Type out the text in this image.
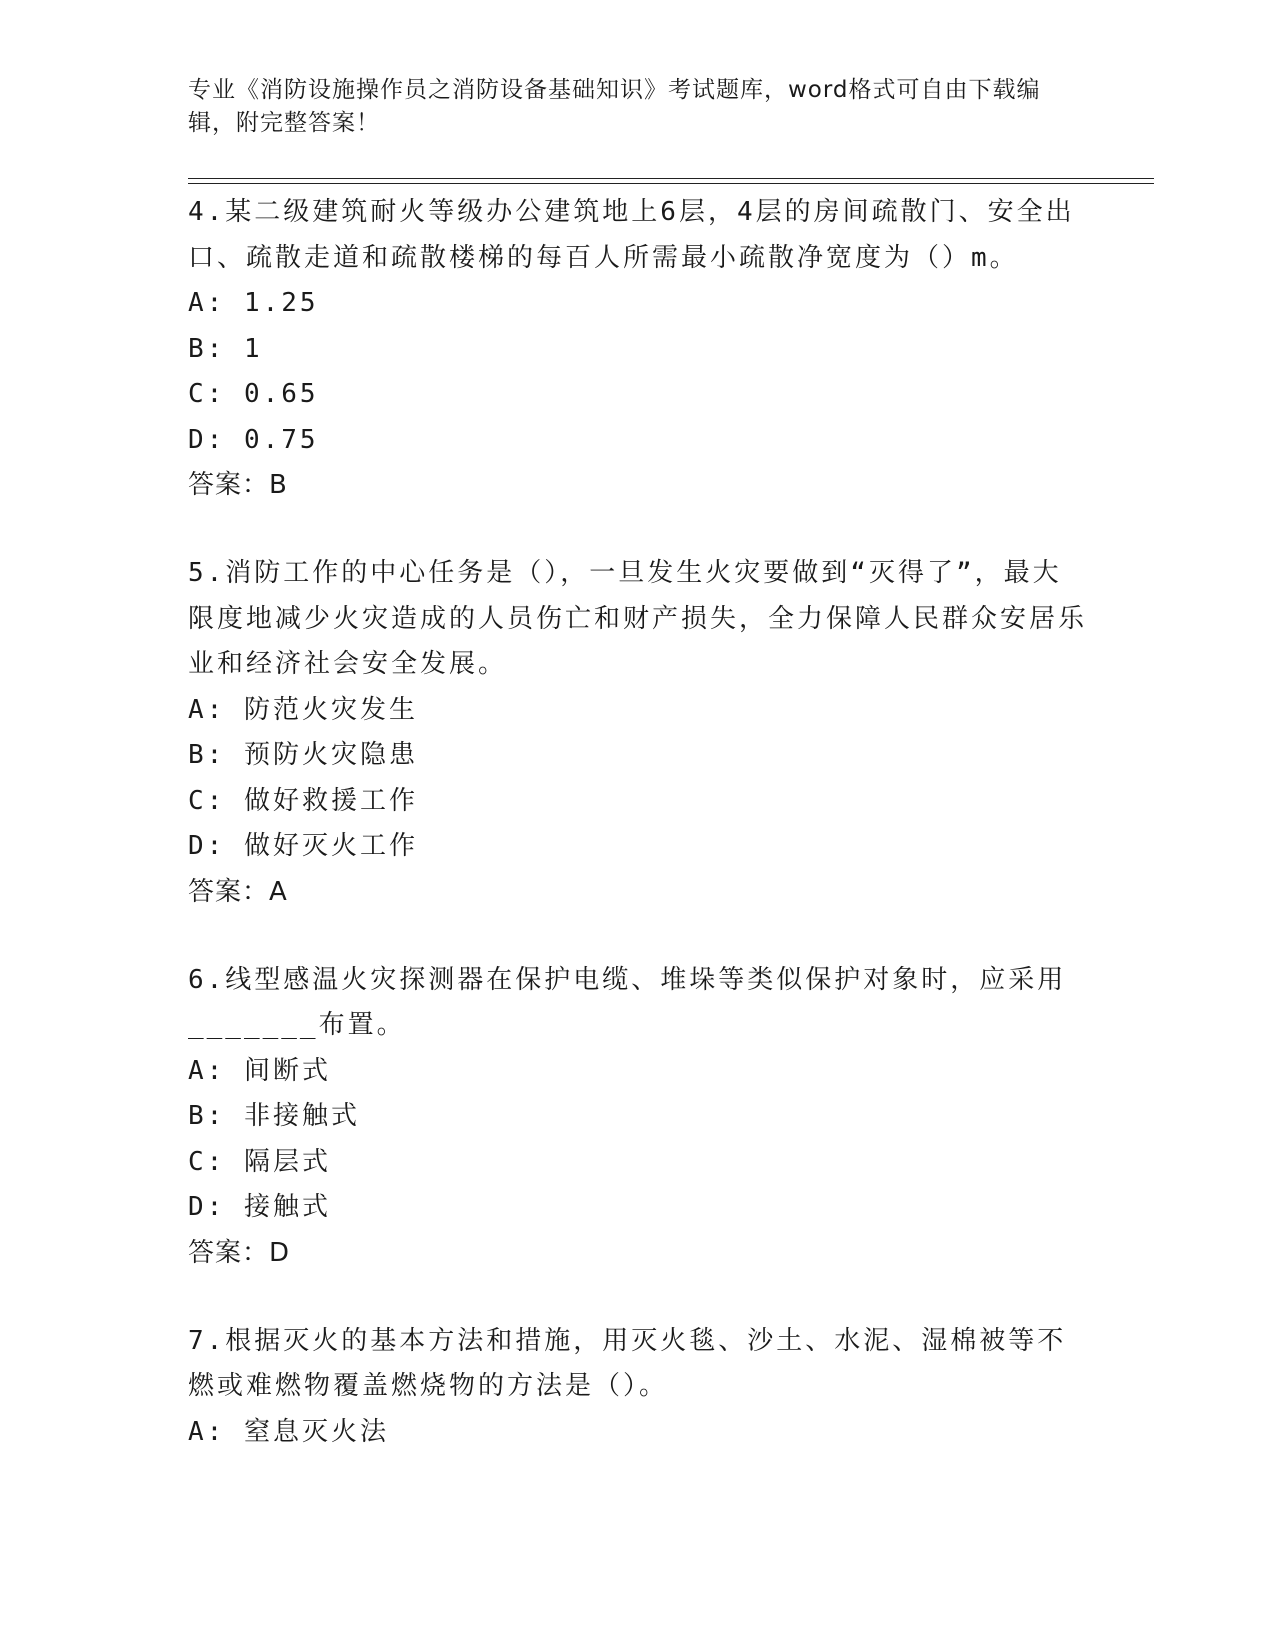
专业《消防设施操作员之消防设备基础知识》考试题库，word格式可自由下载编
辑，附完整答案！
4.某二级建筑耐火等级办公建筑地上6层，4层的房间疏散门、安全出口、疏散走道和疏散楼梯的每百人所需最小疏散净宽度为（）m。
A: 1.25
B: 1
C: 0.65
D: 0.75
答案：B
5.消防工作的中心任务是（），一旦发生火灾要做到“灭得了”，最大限度地减少火灾造成的人员伤亡和财产损失，全力保障人民群众安居乐业和经济社会安全发展。
A: 防范火灾发生
B: 预防火灾隐患
C: 做好救援工作
D: 做好灭火工作
答案：A
6.线型感温火灾探测器在保护电缆、堆垛等类似保护对象时，应采用_______布置。
A: 间断式
B: 非接触式
C: 隔层式
D: 接触式
答案：D
7.根据灭火的基本方法和措施，用灭火毯、沙土、水泥、湿棉被等不燃或难燃物覆盖燃烧物的方法是（）。
A: 窒息灭火法
